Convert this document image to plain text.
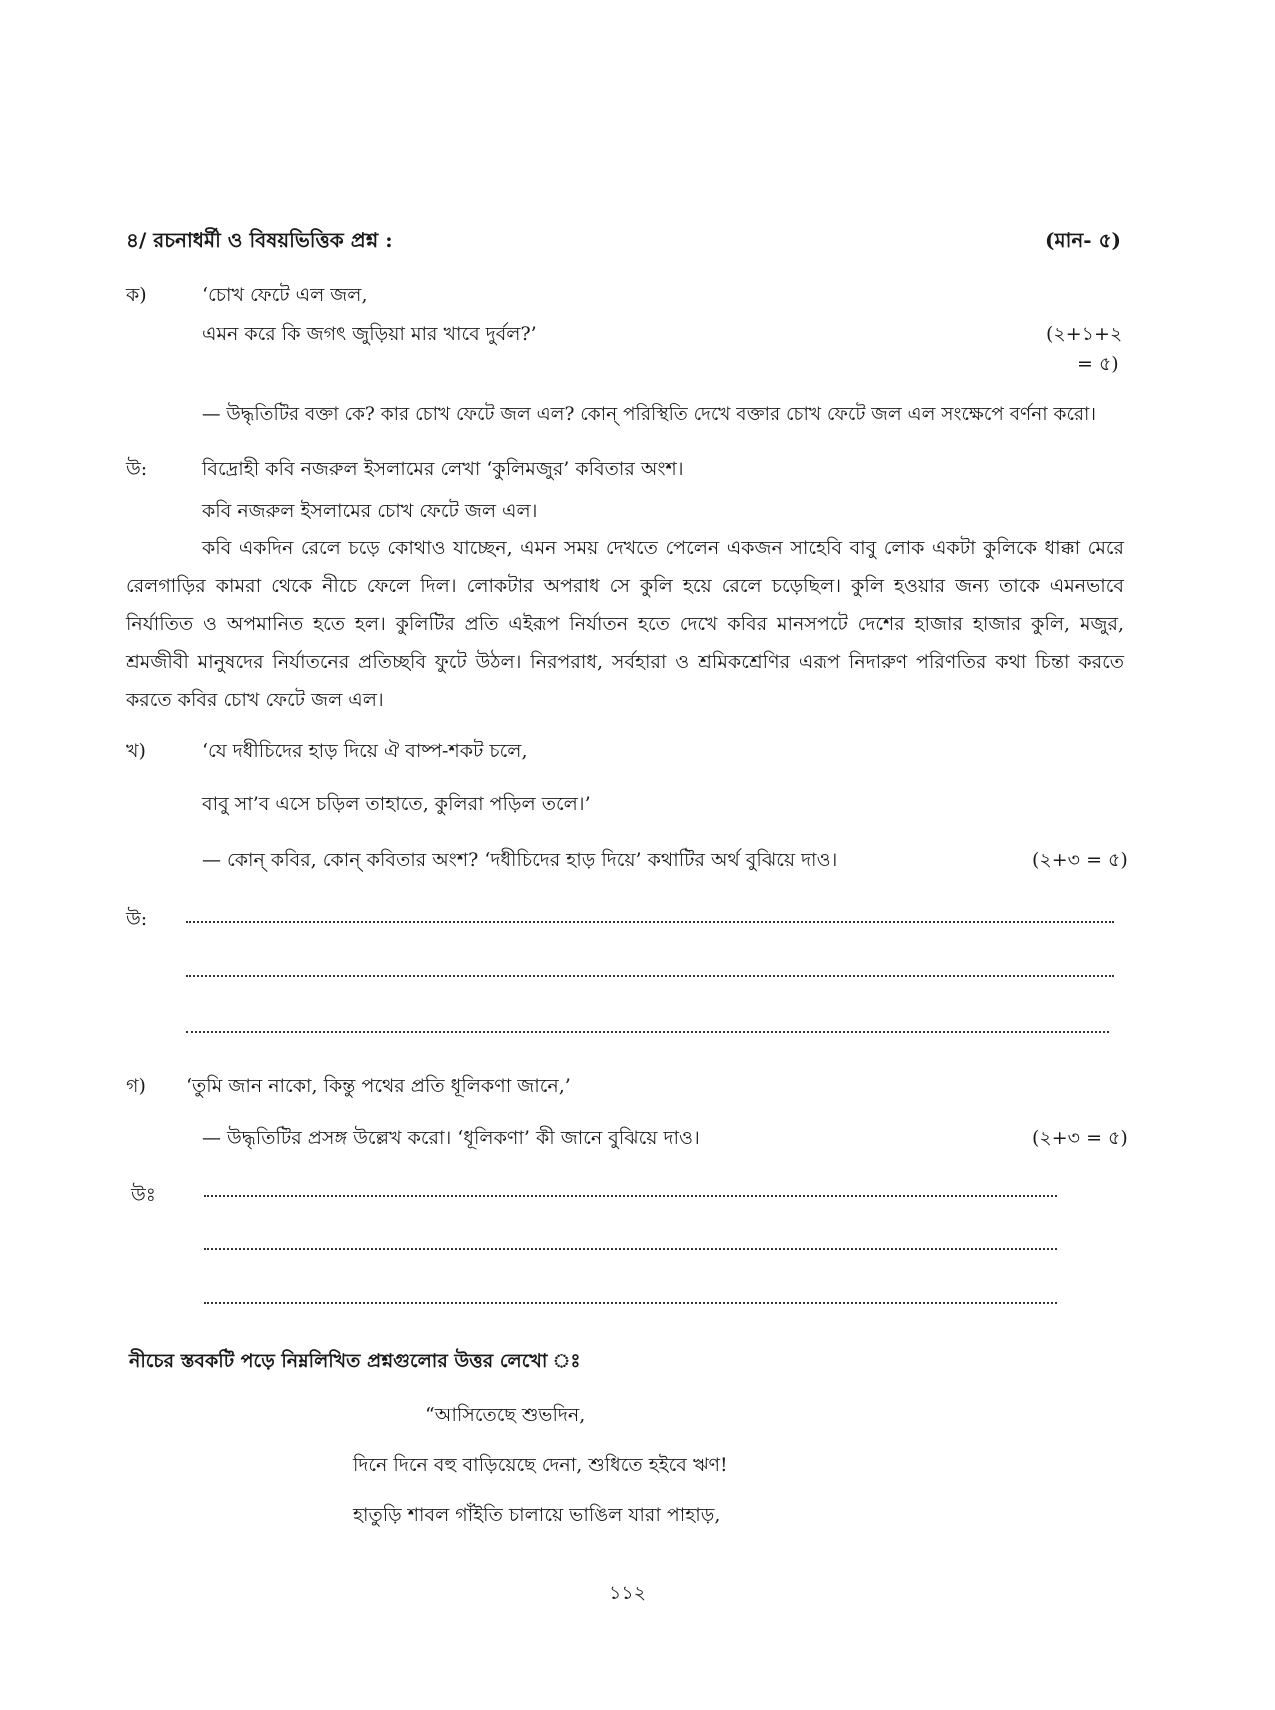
৪/ রচনাধর্মী ও বিষয়ভিত্তিক প্রশ্ন :	(মান- ৫)
ক)	‘চোখ ফেটে এল জল,
এমন করে কি জগৎ জুড়িয়া মার খাবে দুর্বল?’	(২+১+২
= ৫)
— উদ্ধৃতিটির বক্তা কে? কার চোখ ফেটে জল এল? কোন্ পরিস্থিতি দেখে বক্তার চোখ ফেটে জল এল সংক্ষেপে বর্ণনা করো।
উ:	বিদ্রোহী কবি নজরুল ইসলামের লেখা ‘কুলিমজুর’ কবিতার অংশ।
কবি নজরুল ইসলামের চোখ ফেটে জল এল।
কবি একদিন রেলে চড়ে কোথাও যাচ্ছেন, এমন সময় দেখতে পেলেন একজন সাহেবি বাবু লোক একটা কুলিকে ধাক্কা মেরে রেলগাড়ির কামরা থেকে নীচে ফেলে দিল। লোকটার অপরাধ সে কুলি হয়ে রেলে চড়েছিল। কুলি হওয়ার জন্য তাকে এমনভাবে নির্যাতিত ও অপমানিত হতে হল। কুলিটির প্রতি এইরূপ নির্যাতন হতে দেখে কবির মানসপটে দেশের হাজার হাজার কুলি, মজুর, শ্রমজীবী মানুষদের নির্যাতনের প্রতিচ্ছবি ফুটে উঠল। নিরপরাধ, সর্বহারা ও শ্রমিকশ্রেণির এরূপ নিদারুণ পরিণতির কথা চিন্তা করতে করতে কবির চোখ ফেটে জল এল।
খ)	‘যে দধীচিদের হাড় দিয়ে ঐ বাষ্প-শকট চলে,
বাবু সা’ব এসে চড়িল তাহাতে, কুলিরা পড়িল তলে।’
— কোন্ কবির, কোন্ কবিতার অংশ? ‘দধীচিদের হাড় দিয়ে’ কথাটির অর্থ বুঝিয়ে দাও।	(২+৩ = ৫)
উ:
গ) ‘তুমি জান নাকো, কিন্তু পথের প্রতি ধূলিকণা জানে,’
— উদ্ধৃতিটির প্রসঙ্গ উল্লেখ করো। ‘ধূলিকণা’ কী জানে বুঝিয়ে দাও।	(২+৩ = ৫)
উঃ
নীচের স্তবকটি পড়ে নিম্নলিখিত প্রশ্নগুলোর উত্তর লেখো ঃ
“আসিতেছে শুভদিন,
দিনে দিনে বহু বাড়িয়েছে দেনা, শুধিতে হইবে ঋণ!
হাতুড়ি শাবল গাঁইতি চালায়ে ভাঙিল যারা পাহাড়,
১১২
